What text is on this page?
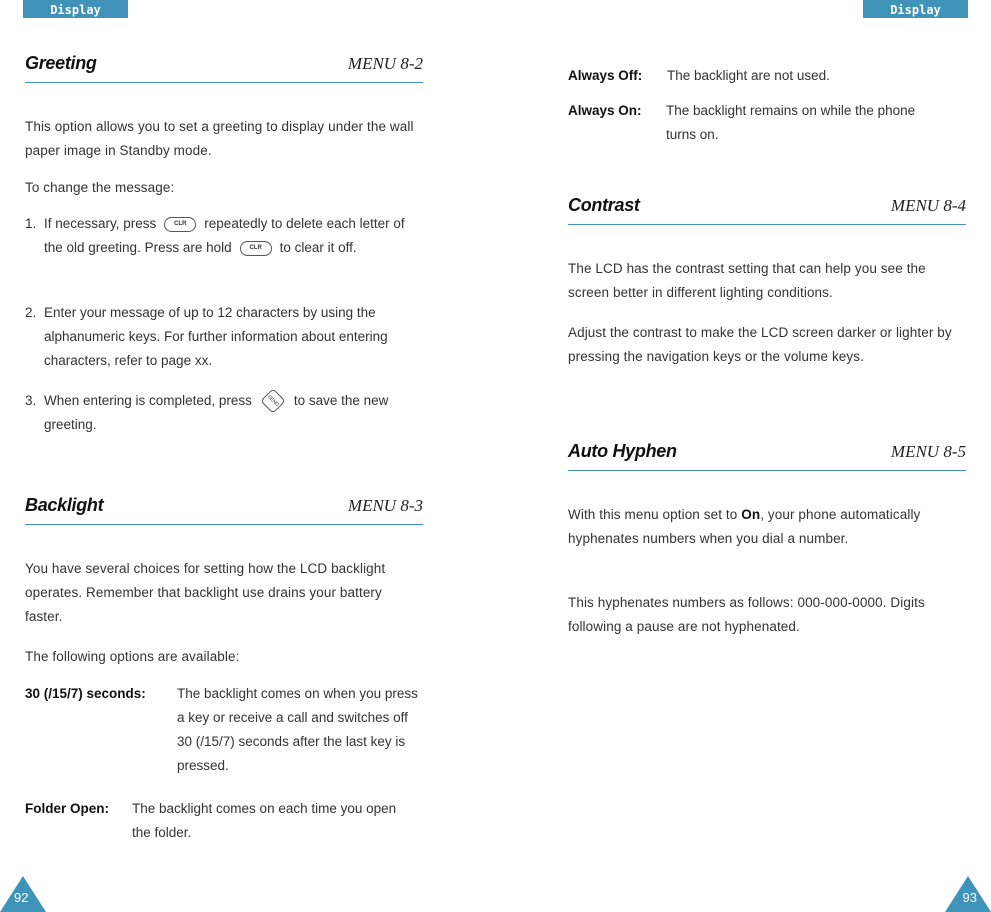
Display	Display
Greeting	MENU 8-2
This option allows you to set a greeting to display under the wall paper image in Standby mode.
To change the message:
1. If necessary, press	CLR repeatedly to delete each letter of the old greeting. Press are hold	CLR to clear it off.
2. Enter your message of up to 12 characters by using the alphanumeric keys. For further information about entering characters, refer to page xx.
3. When entering is completed, press	SEND to save the new greeting.
Backlight	MENU 8-3
You have several choices for setting how the LCD backlight operates. Remember that backlight use drains your battery faster.
The following options are available:
30 (/15/7) seconds: The backlight comes on when you press a key or receive a call and switches off 30 (/15/7) seconds after the last key is pressed.
Folder Open: The backlight comes on each time you open the folder.
Always Off: The backlight are not used.
Always On: The backlight remains on while the phone turns on.
Contrast	MENU 8-4
The LCD has the contrast setting that can help you see the screen better in different lighting conditions.
Adjust the contrast to make the LCD screen darker or lighter by pressing the navigation keys or the volume keys.
Auto Hyphen	MENU 8-5
With this menu option set to On, your phone automatically hyphenates numbers when you dial a number.
This hyphenates numbers as follows: 000-000-0000. Digits following a pause are not hyphenated.
92	93
